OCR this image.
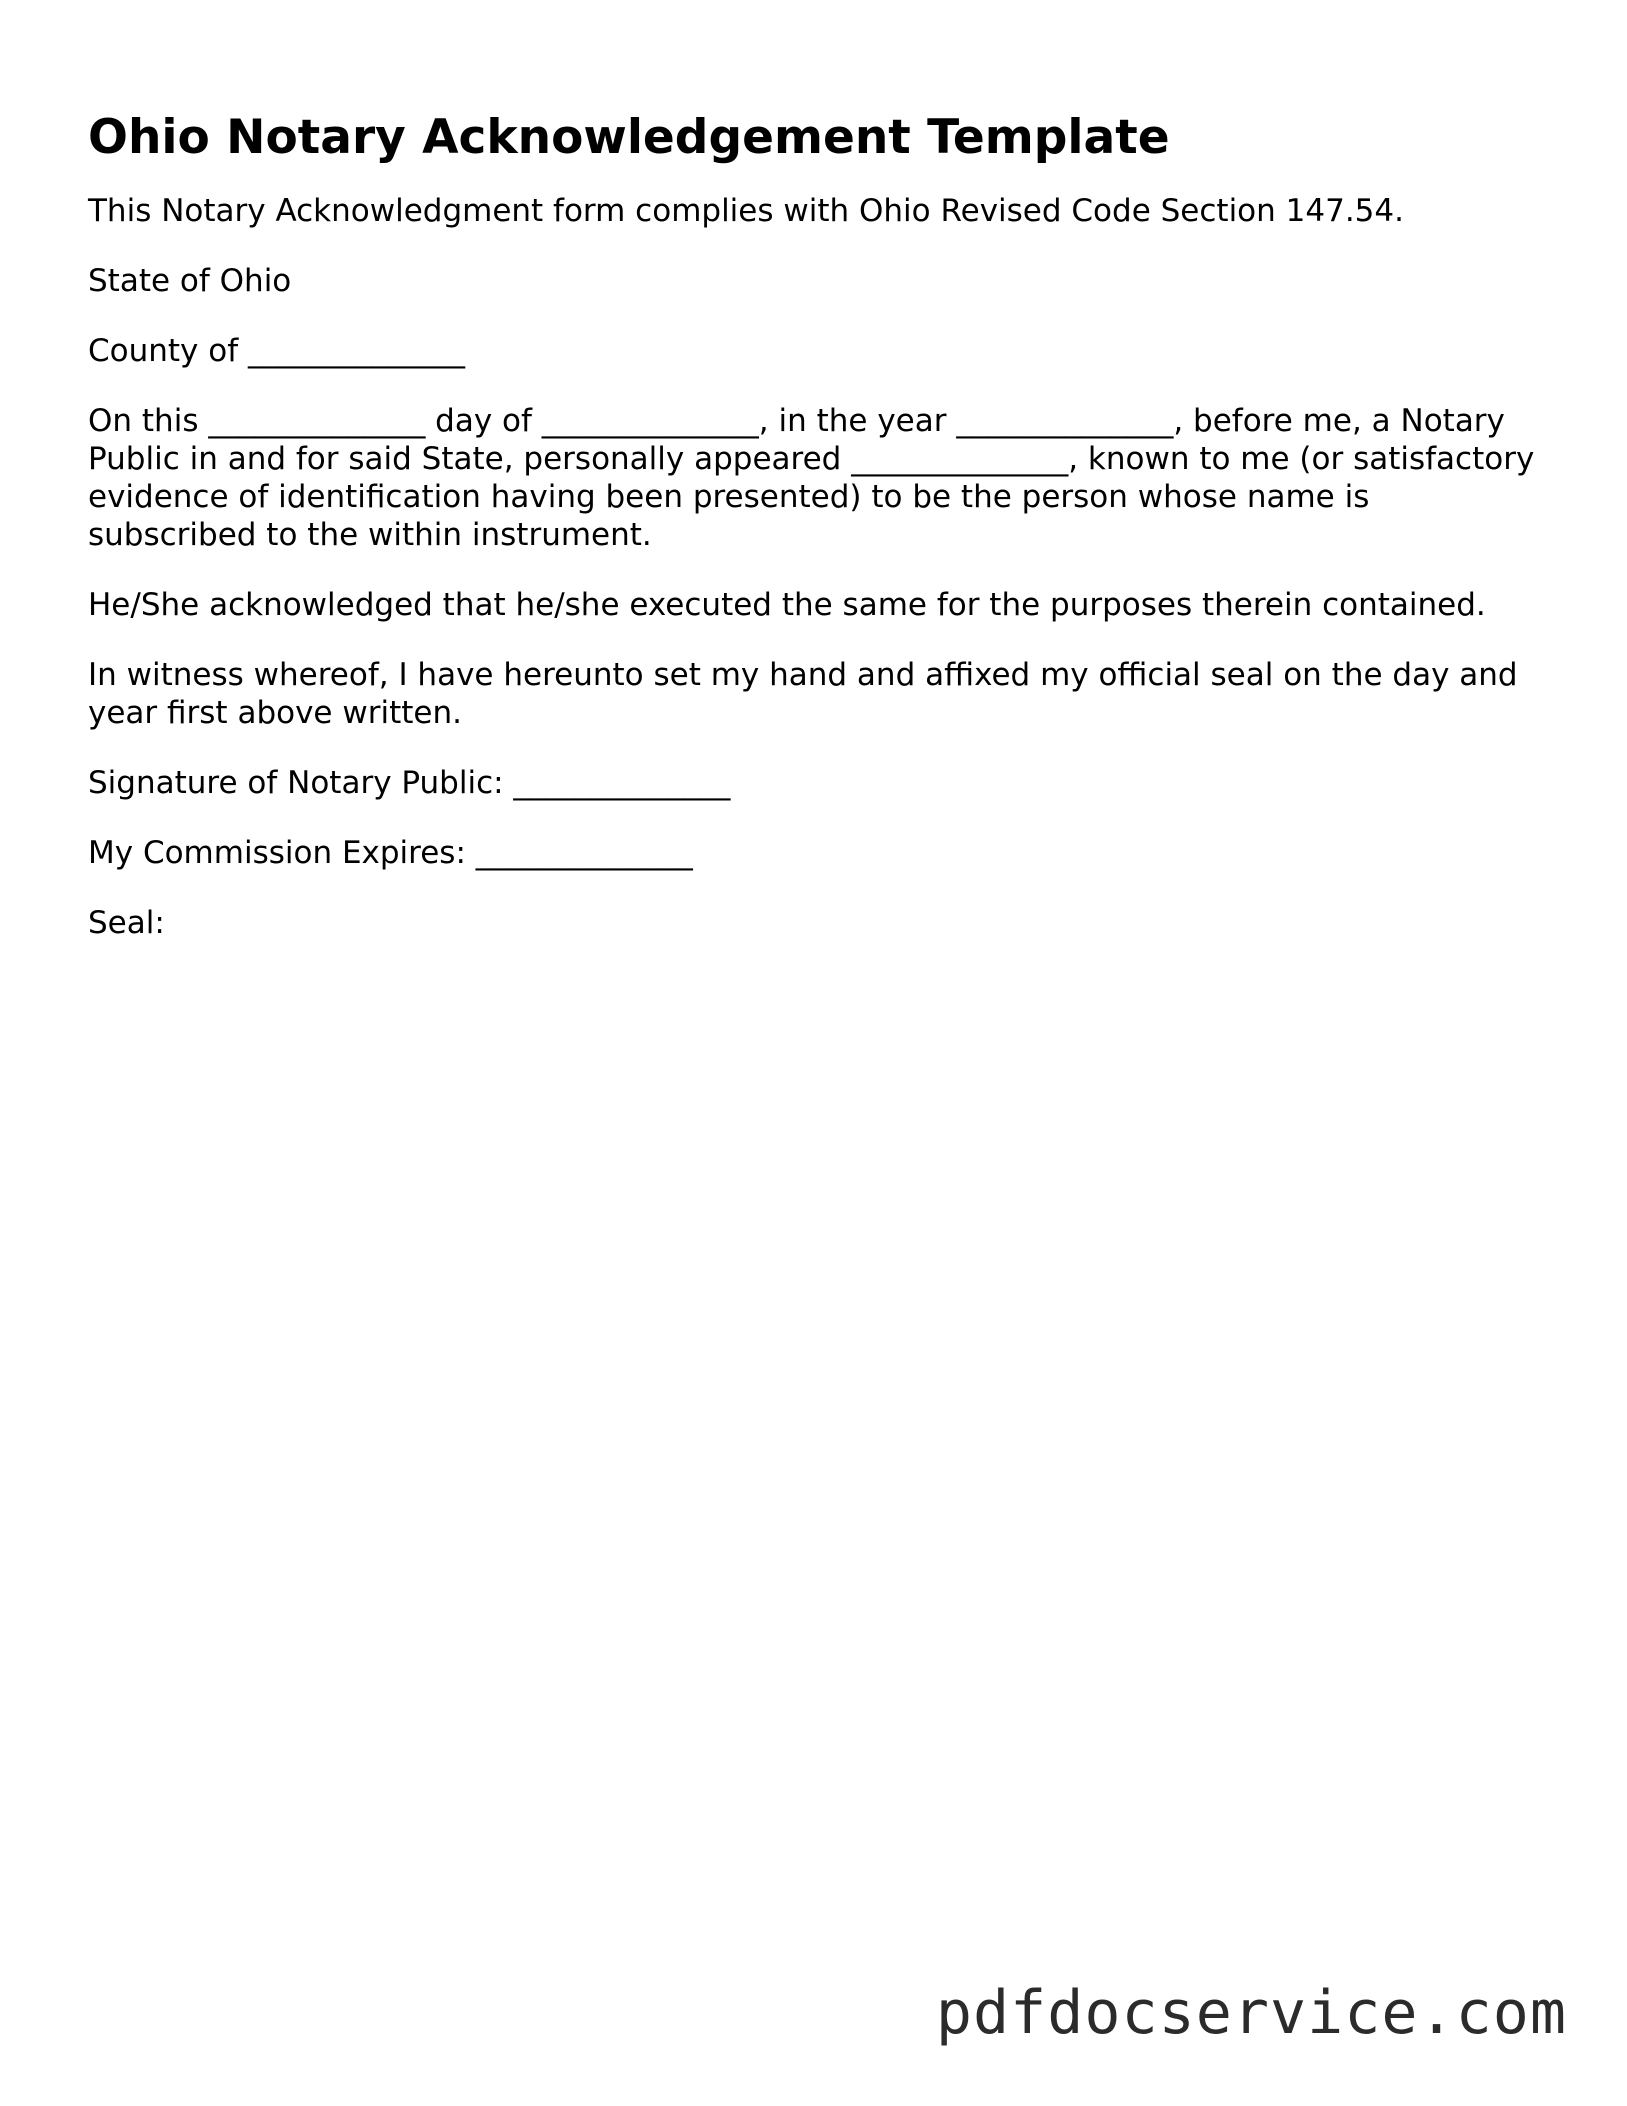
Ohio Notary Acknowledgement Template

This Notary Acknowledgment form complies with Ohio Revised Code Section 147.54.

State of Ohio

County of ______________

On this ______________ day of ______________, in the year ______________, before me, a Notary Public in and for said State, personally appeared ______________, known to me (or satisfactory evidence of identification having been presented) to be the person whose name is subscribed to the within instrument.

He/She acknowledged that he/she executed the same for the purposes therein contained.

In witness whereof, I have hereunto set my hand and affixed my official seal on the day and year first above written.

Signature of Notary Public: ______________

My Commission Expires: ______________

Seal:

pdfdocservice.com
